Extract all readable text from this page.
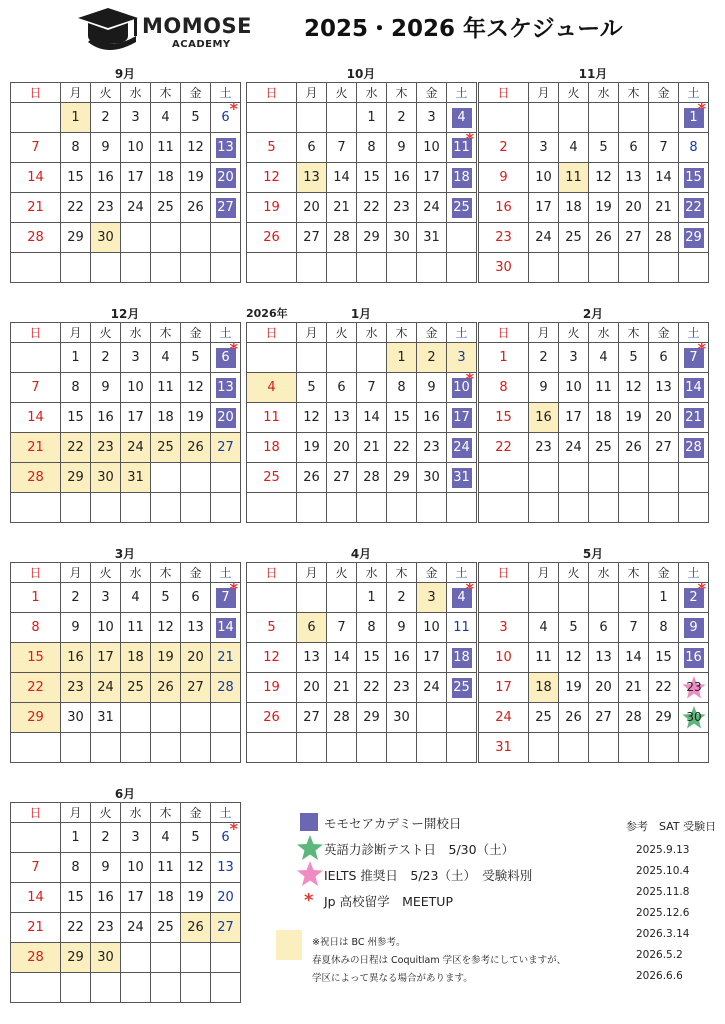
MOMOSE
ACADEMY
2025・2026 年スケジュール
9月
日	月	火	水	木	金	土
	1	2	3	4	5	6 *

7	8	9	10	11	12	13
14	15	16	17	18	19	20
21	22	23	24	25	26	27
28	29	30				

10月
日	月	火	水	木	金	土
			1	2	3	4
5	6	7	8	9	10	11
*

12	13	14	15	16	17	18
19	20	21	22	23	24	25
26	27	28	29	30	31	

11月
日	月	火	水	木	金	土
						1 *

2	3	4	5	6	7	8
9	10	11	12	13	14	15
16	17	18	19	20	21	22
23	24	25	26	27	28	29
30						
12月
日	月	火	水	木	金	土
	1	2	3	4	5	6 *

7	8	9	10	11	12	13
14	15	16	17	18	19	20
21	22	23	24	25	26	27
28	29	30	31			

2026年	1月
日	月	火	水	木	金	土
				1	2	3
4	5	6	7	8	9	10
*

11	12	13	14	15	16	17
18	19	20	21	22	23	24
25	26	27	28	29	30	31

2月
日	月	火	水	木	金	土
1	2	3	4	5	6	7 *

8	9	10	11	12	13	14
15	16	17	18	19	20	21
22	23	24	25	26	27	28

3月
日	月	火	水	木	金	土
1	2	3	4	5	6	7 *

8	9	10	11	12	13	14
15	16	17	18	19	20	21
22	23	24	25	26	27	28
29	30	31				

4月
日	月	火	水	木	金	土
			1	2	3	4 *

5	6	7	8	9	10	11
12	13	14	15	16	17	18
19	20	21	22	23	24	25
26	27	28	29	30		

5月
日	月	火	水	木	金	土
					1	2 *

3	4	5	6	7	8	9
10	11	12	13	14	15	16
17	18	19	20	21	22	23

24	25	26	27	28	29	30

31						
6月
日	月	火	水	木	金	土
	1	2	3	4	5	6 *

7	8	9	10	11	12	13
14	15	16	17	18	19	20
21	22	23	24	25	26	27
28	29	30				

モモセアカデミー開校日
英語力診断テスト日　5/30（土）
IELTS 推奨日　5/23（土）　受験料別
* Jp 高校留学　MEETUP
※祝日は BC 州参考。
春夏休みの日程は Coquitlam 学区を参考にしていますが、
学区によって異なる場合があります。
参考　SAT 受験日
2025.9.13
2025.10.4
2025.11.8
2025.12.6
2026.3.14
2026.5.2
2026.6.6
